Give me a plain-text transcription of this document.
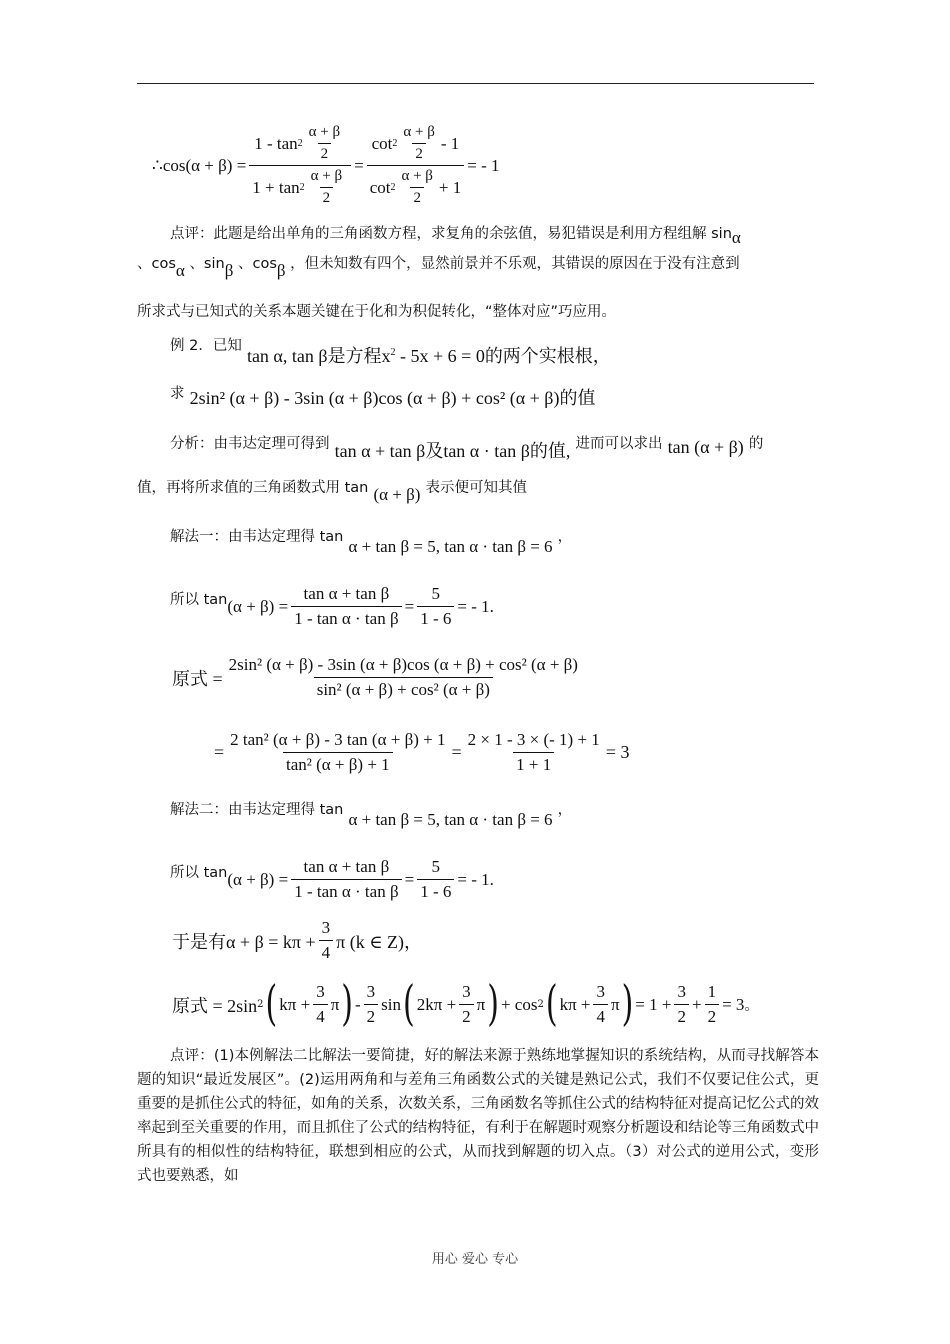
∴cos(α + $\beta) = \frac{1 - \tan 2 \frac{\alpha + \beta}{2}}{1 + \tan 2 \frac{\alpha + \beta}{2}} = \frac{\cot 2 \frac{\alpha + \beta}{2} - 1}{\cot 2 \frac{\alpha + \beta}{2} + 1}$ = - 1
点评：此题是给出单角的三角函数方程，求复角的余弦值，易犯错误是利用方程组解 sinα
、cosα 、sinβ 、cosβ ，但未知数有四个，显然前景并不乐观，其错误的原因在于没有注意到
所求式与已知式的关系本题关键在于化和为积促转化，“整体对应”巧应用。
例 2．已知 tan α, tan β是方程$x^2 - 5x + 6 = 0$的两个实根根，
求 2sin² (α + β) - 3sin (α + β)cos (α + β) + cos² (α + β)的值
分析：由韦达定理可得到 tan α + tan β及tan α · tan β的值, 进而可以求出 tan (α + β) 的
值，再将所求值的三角函数式用 tan (α + β) 表示便可知其值
解法一：由韦达定理得 tan α + tan β = 5, tan α · tan β = 6 ，
所以 $\tan (\alpha + \beta) = \frac{\text{tan α + tan β}}{\text{1 - tan α · tan β}} = \frac{5}{1 - 6}$ = - 1.
原式 = $\frac{\text{2sin² (α + β) - 3sin (α + β)cos (α + β) + cos² (α + β)}}{\text{sin² (α + β) + cos² (α + β)}}$
= $\frac{\text{2 tan² (α + β) - 3 tan (α + β) + 1}}{\text{tan² (α + β) + 1}} = \frac{2 \times 1 - 3 \times (- 1) + 1}{1 + 1} = 3$
解法二：由韦达定理得 tan α + tan β = 5, tan α · tan β = 6 ，
所以 $\tan (\alpha + \beta) = \frac{\text{tan α + tan β}}{\text{1 - tan α · tan β}} = \frac{5}{1 - 6}$ = - 1.
于是有$\alpha + \beta = k\pi + \frac{3}{4}$ π (k ∈ Z)，
原式 = 2sin 2 ( $k\pi + \frac{3}{4}$ π ) - $\frac{3}{2}$ sin ( $2k\pi + \frac{3}{2}$ π ) + cos 2 ( $k\pi + \frac{3}{4}$ π ) = $1 + \frac{3}{2} + \frac{1}{2} = 3$ 。
点评：(1)本例解法二比解法一要简捷，好的解法来源于熟练地掌握知识的系统结构，从而寻找解答本题的知识“最近发展区”。(2)运用两角和与差角三角函数公式的关键是熟记公式，我们不仅要记住公式，更重要的是抓住公式的特征，如角的关系，次数关系，三角函数名等抓住公式的结构特征对提高记忆公式的效率起到至关重要的作用，而且抓住了公式的结构特征，有利于在解题时观察分析题设和结论等三角函数式中所具有的相似性的结构特征，联想到相应的公式，从而找到解题的切入点。（3）对公式的逆用公式，变形式也要熟悉，如
用心 爱心 专心
